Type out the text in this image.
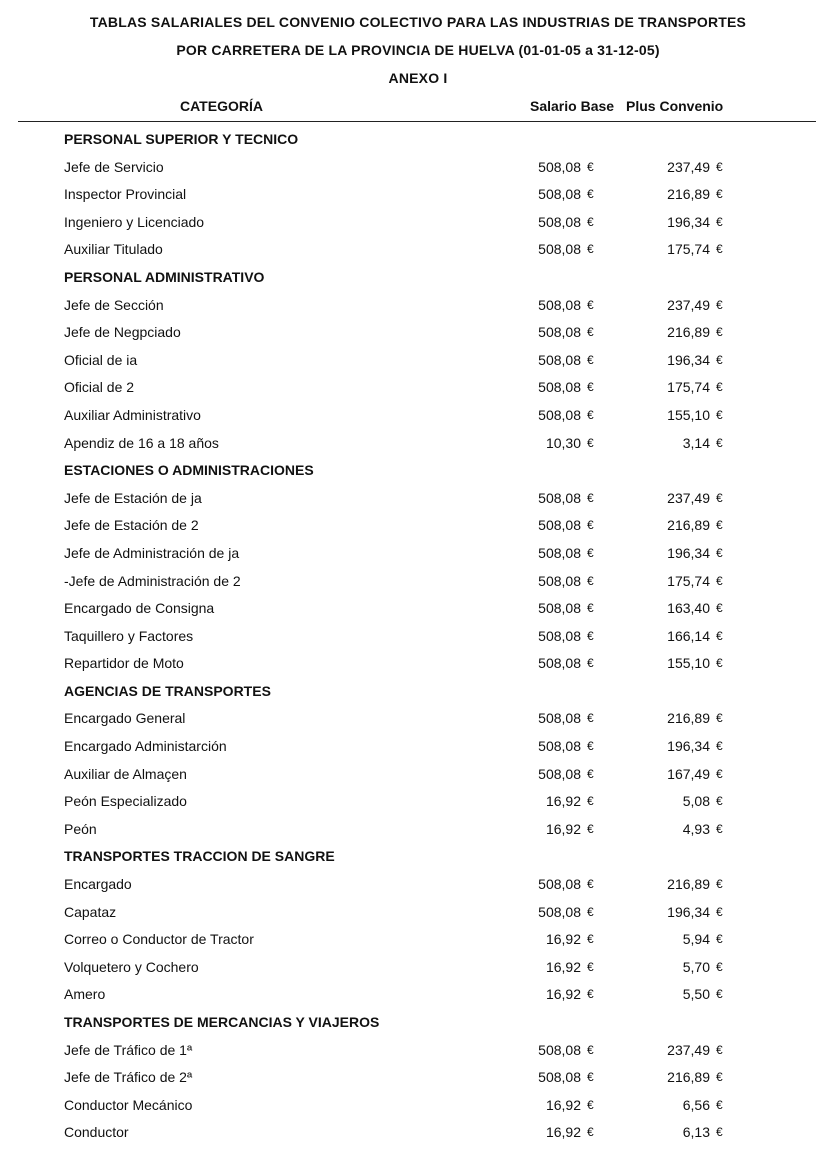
TABLAS SALARIALES DEL CONVENIO COLECTIVO PARA LAS INDUSTRIAS DE TRANSPORTES
POR CARRETERA DE LA PROVINCIA DE HUELVA (01-01-05 a 31-12-05)
ANEXO I
CATEGORÍA	Salario Base Plus Convenio
PERSONAL SUPERIOR Y TECNICO
Jefe de Servicio	508,08 €	237,49 €
Inspector Provincial	508,08 €	216,89 €
Ingeniero y Licenciado	508,08 €	196,34 €
Auxiliar Titulado	508,08 €	175,74 €
PERSONAL ADMINISTRATIVO
Jefe de Sección	508,08 €	237,49 €
Jefe de Negpciado	508,08 €	216,89 €
Oficial de ia	508,08 €	196,34 €
Oficial de 2	508,08 €	175,74 €
Auxiliar Administrativo	508,08 €	155,10 €
Apendiz de 16 a 18 años	10,30 €	3,14 €
ESTACIONES O ADMINISTRACIONES
Jefe de Estación de ja	508,08 €	237,49 €
Jefe de Estación de 2	508,08 €	216,89 €
Jefe de Administración de ja	508,08 €	196,34 €
-Jefe de Administración de 2	508,08 €	175,74 €
Encargado de Consigna	508,08 €	163,40 €
Taquillero y Factores	508,08 €	166,14 €
Repartidor de Moto	508,08 €	155,10 €
AGENCIAS DE TRANSPORTES
Encargado General	508,08 €	216,89 €
Encargado Administarción	508,08 €	196,34 €
Auxiliar de Almaçen	508,08 €	167,49 €
Peón Especializado	16,92 €	5,08 €
Peón	16,92 €	4,93 €
TRANSPORTES TRACCION DE SANGRE
Encargado	508,08 €	216,89 €
Capataz	508,08 €	196,34 €
Correo o Conductor de Tractor	16,92 €	5,94 €
Volquetero y Cochero	16,92 €	5,70 €
Amero	16,92 €	5,50 €
TRANSPORTES DE MERCANCIAS Y VIAJEROS
Jefe de Tráfico de 1ª	508,08 €	237,49 €
Jefe de Tráfico de 2ª	508,08 €	216,89 €
Conductor Mecánico	16,92 €	6,56 €
Conductor	16,92 €	6,13 €
